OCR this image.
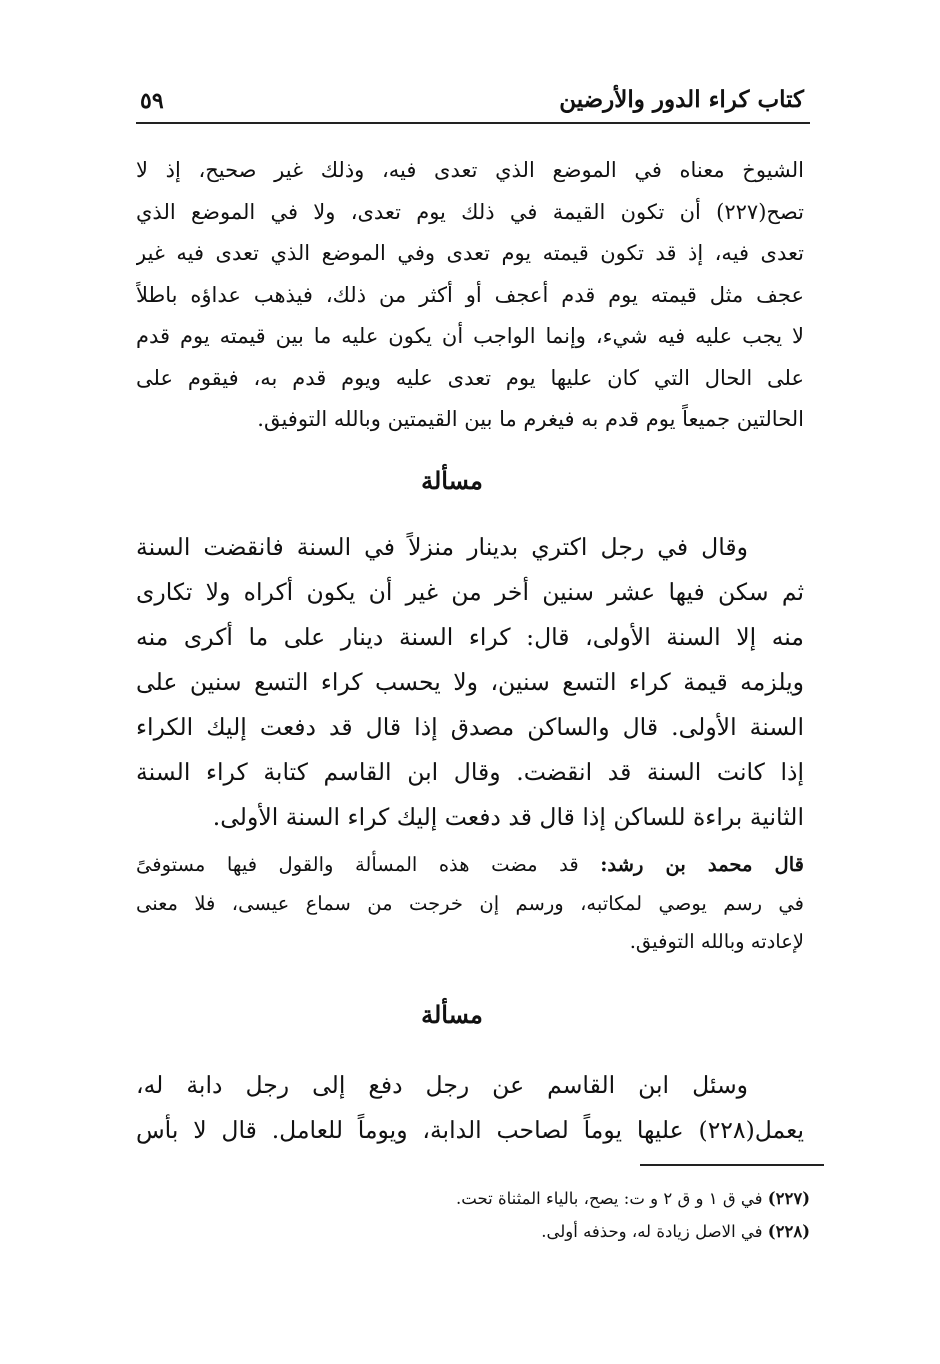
كتاب كراء الدور والأرضين
٥٩
الشيوخ معناه في الموضع الذي تعدى فيه، وذلك غير صحيح، إذ لا
تصح(٢٢٧) أن تكون القيمة في ذلك يوم تعدى، ولا في الموضع الذي
تعدى فيه، إذ قد تكون قيمته يوم تعدى وفي الموضع الذي تعدى فيه غير
عجف مثل قيمته يوم قدم أعجف أو أكثر من ذلك، فيذهب عداؤه باطلاً
لا يجب عليه فيه شيء، وإنما الواجب أن يكون عليه ما بين قيمته يوم قدم
على الحال التي كان عليها يوم تعدى عليه ويوم قدم به، فيقوم على
الحالتين جميعاً يوم قدم به فيغرم ما بين القيمتين وبالله التوفيق.
مسألة
وقال في رجل اكتري بدينار منزلاً في السنة فانقضت السنة
ثم سكن فيها عشر سنين أخر من غير أن يكون أكراه ولا تكارى
منه إلا السنة الأولى، قال: كراء السنة دينار على ما أكرى منه
ويلزمه قيمة كراء التسع سنين، ولا يحسب كراء التسع سنين على
السنة الأولى. قال والساكن مصدق إذا قال قد دفعت إليك الكراء
إذا كانت السنة قد انقضت. وقال ابن القاسم كتابة كراء السنة
الثانية براءة للساكن إذا قال قد دفعت إليك كراء السنة الأولى.
قال محمد بن رشد: قد مضت هذه المسألة والقول فيها مستوفىً
في رسم يوصي لمكاتبه، ورسم إن خرجت من سماع عيسى، فلا معنى
لإعادته وبالله التوفيق.
مسألة
وسئل ابن القاسم عن رجل دفع إلى رجل دابة له،
يعمل(٢٢٨) عليها يوماً لصاحب الدابة، ويوماً للعامل. قال لا بأس
(٢٢٧) في ق ١ و ق ٢ و ت: يصح، بالياء المثناة تحت.
(٢٢٨) في الاصل زيادة له، وحذفه أولى.
